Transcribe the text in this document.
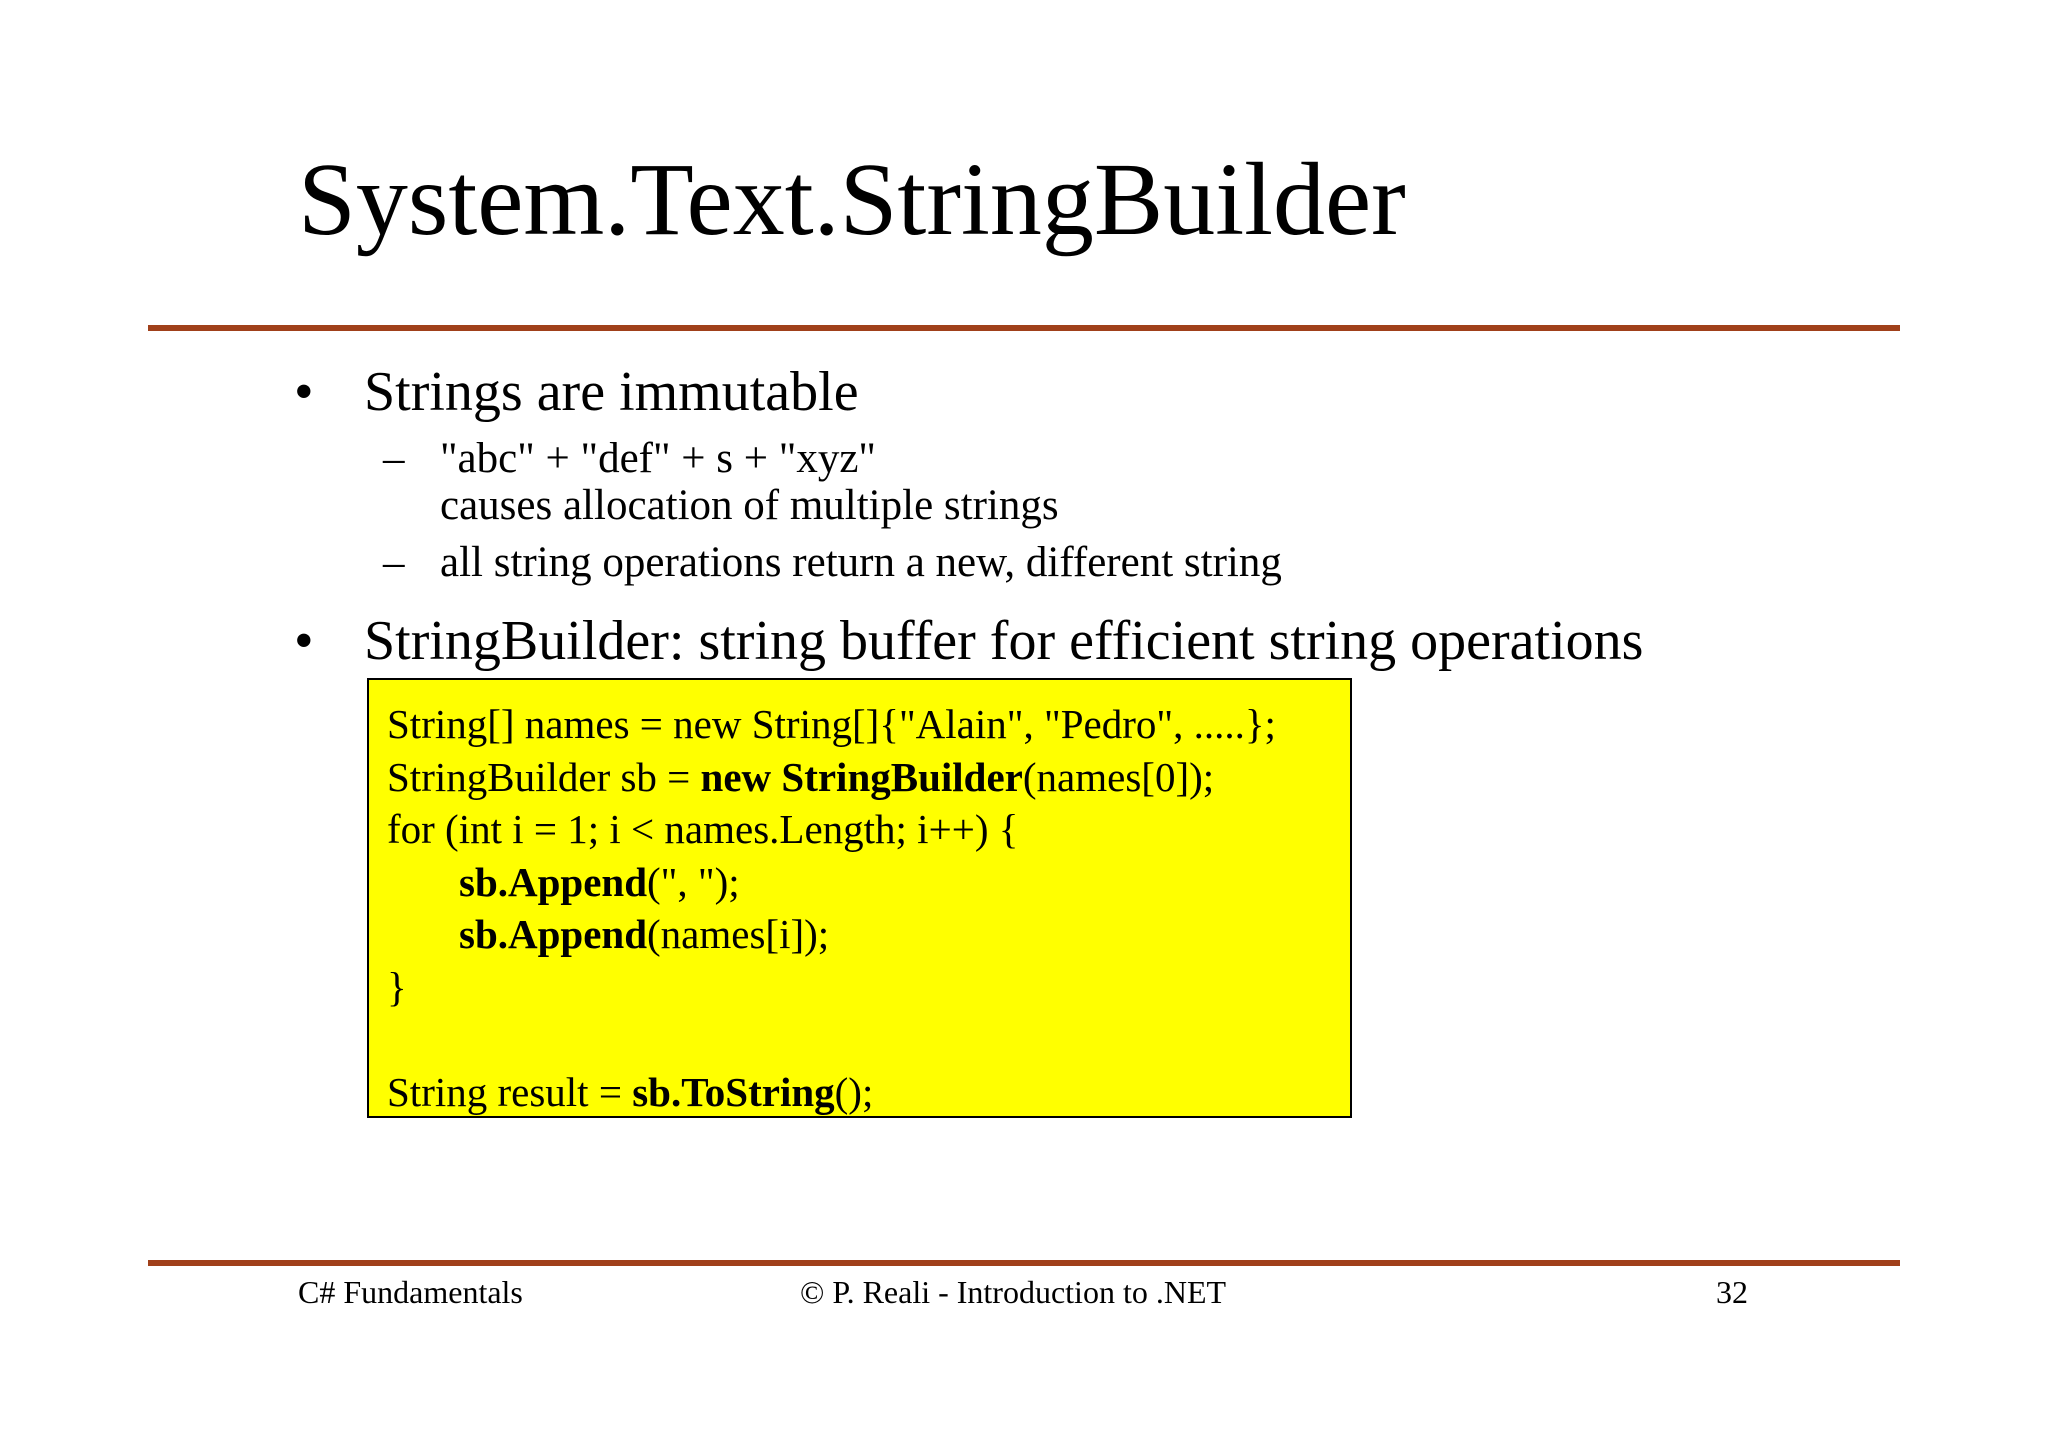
System.Text.StringBuilder
• Strings are immutable
– "abc" + "def" + s + "xyz"
causes allocation of multiple strings
– all string operations return a new, different string
• StringBuilder: string buffer for efficient string operations
String[] names = new String[]{"Alain", "Pedro", .....};
StringBuilder sb = new StringBuilder(names[0]);
for (int i = 1; i < names.Length; i++) {
sb.Append(", ");
sb.Append(names[i]);
}
String result = sb.ToString();
C# Fundamentals	© P. Reali - Introduction to .NET	32
